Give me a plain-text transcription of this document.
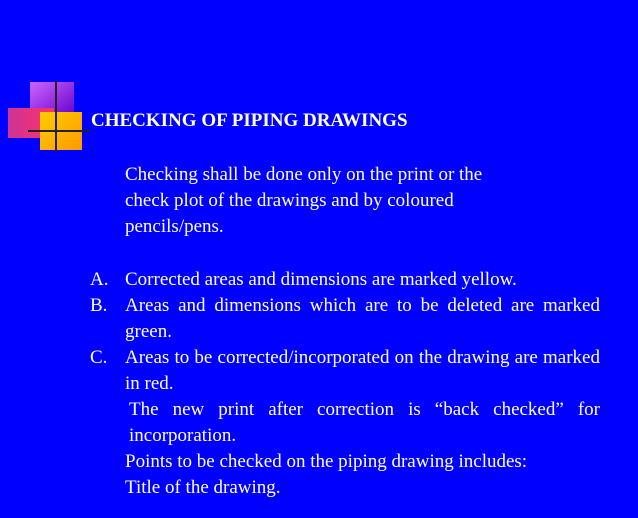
CHECKING OF PIPING DRAWINGS
Checking shall be done only on the print or the
check plot of the drawings and by coloured
pencils/pens.
A. Corrected areas and dimensions are marked yellow.
B. Areas and dimensions which are to be deleted are marked green.
C. Areas to be corrected/incorporated on the drawing are marked in red.
The new print after correction is “back checked” for incorporation.
Points to be checked on the piping drawing includes:
Title of the drawing.
